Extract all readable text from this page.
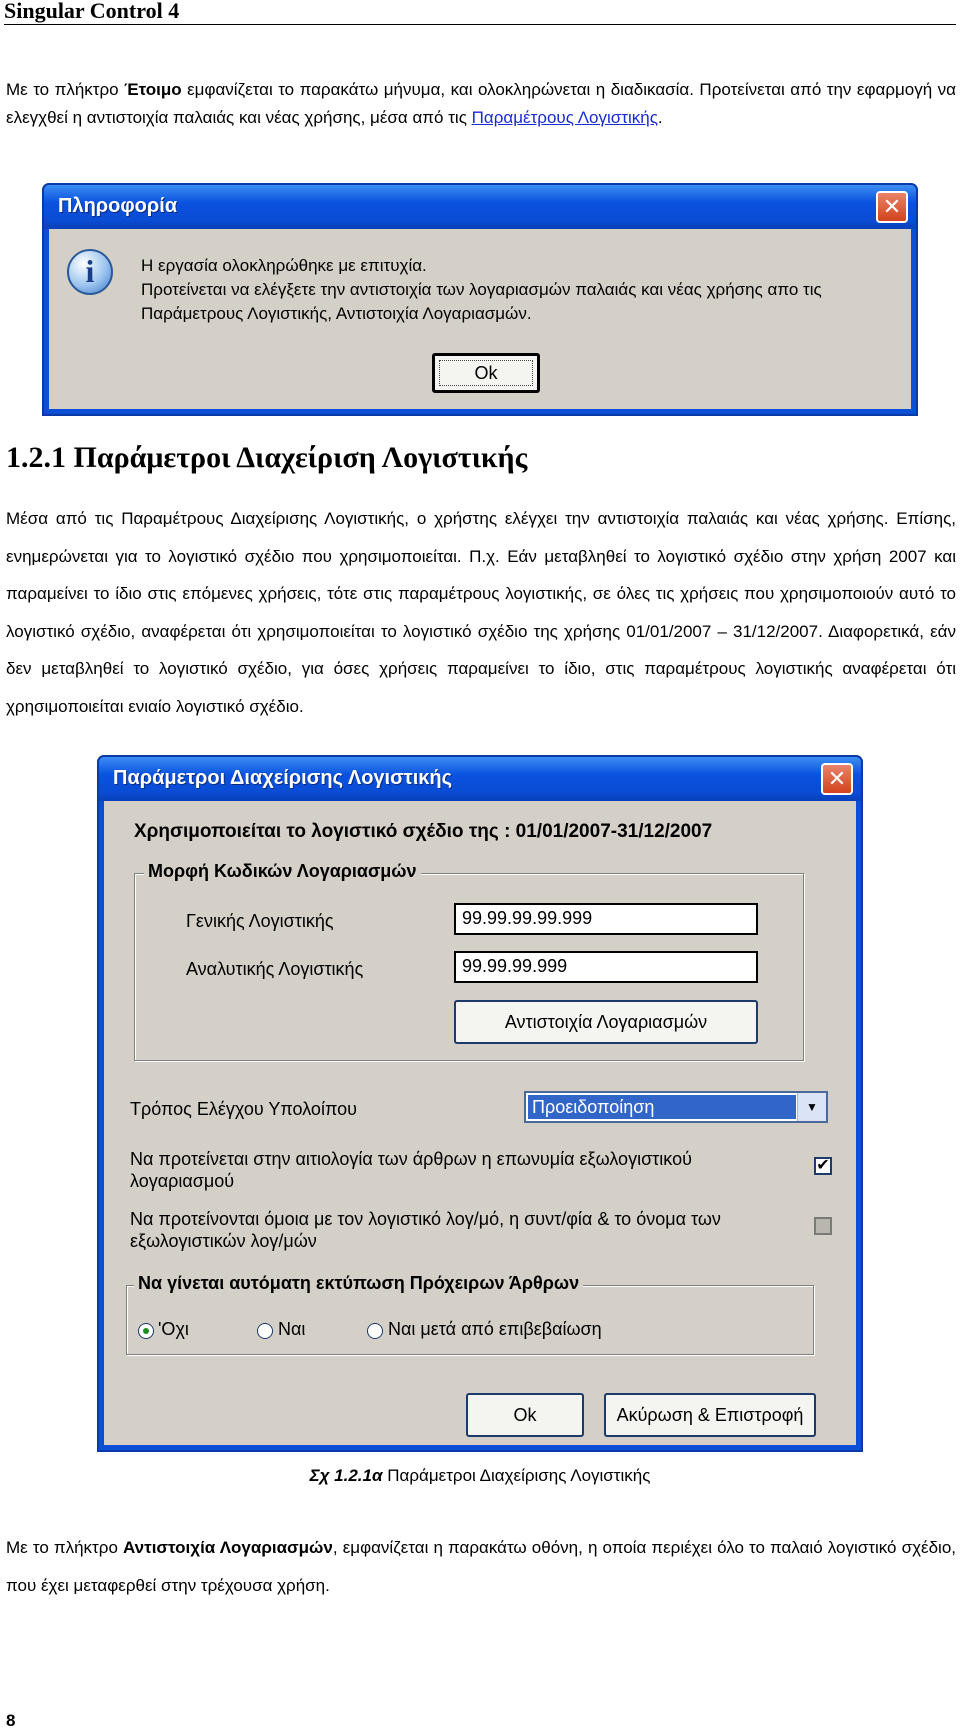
Singular Control 4
Με το πλήκτρο Έτοιμο εμφανίζεται το παρακάτω μήνυμα, και ολοκληρώνεται η διαδικασία. Προτείνεται από την εφαρμογή να ελεγχθεί η αντιστοιχία παλαιάς και νέας χρήσης, μέσα από τις Παραμέτρους Λογιστικής.
Πληροφορία	✕
i	Η εργασία ολοκληρώθηκε με επιτυχία.
Προτείνεται να ελέγξετε την αντιστοιχία των λογαριασμών παλαιάς και νέας χρήσης απο τις
Παράμετρους Λογιστικής, Αντιστοιχία Λογαριασμών.
Ok
1.2.1 Παράμετροι Διαχείριση Λογιστικής
Μέσα από τις Παραμέτρους Διαχείρισης Λογιστικής, ο χρήστης ελέγχει την αντιστοιχία παλαιάς και νέας χρήσης. Επίσης, ενημερώνεται για το λογιστικό σχέδιο που χρησιμοποιείται. Π.χ. Εάν μεταβληθεί το λογιστικό σχέδιο στην χρήση 2007 και παραμείνει το ίδιο στις επόμενες χρήσεις, τότε στις παραμέτρους λογιστικής, σε όλες τις χρήσεις που χρησιμοποιούν αυτό το λογιστικό σχέδιο, αναφέρεται ότι χρησιμοποιείται το λογιστικό σχέδιο της χρήσης 01/01/2007 – 31/12/2007. Διαφορετικά, εάν δεν μεταβληθεί το λογιστικό σχέδιο, για όσες χρήσεις παραμείνει το ίδιο, στις παραμέτρους λογιστικής αναφέρεται ότι χρησιμοποιείται ενιαίο λογιστικό σχέδιο.
Παράμετροι Διαχείρισης Λογιστικής	✕
Χρησιμοποιείται το λογιστικό σχέδιο της : 01/01/2007-31/12/2007
Μορφή Κωδικών Λογαριασμών
Γενικής Λογιστικής	99.99.99.99.999
Αναλυτικής Λογιστικής	99.99.99.999
Αντιστοιχία Λογαριασμών
Τρόπος Ελέγχου Υπολοίπου	Προειδοποίηση	▼
Να προτείνεται στην αιτιολογία των άρθρων η επωνυμία εξωλογιστικού
λογαριασμού
✔
Να προτείνονται όμοια με τον λογιστικό λογ/μό, η συντ/φία & το όνομα των
εξωλογιστικών λογ/μών
Να γίνεται αυτόματη εκτύπωση Πρόχειρων Άρθρων
'Οχι	Ναι	Ναι μετά από επιβεβαίωση
Ok	Ακύρωση & Επιστροφή
Σχ 1.2.1α Παράμετροι Διαχείρισης Λογιστικής
Με το πλήκτρο Αντιστοιχία Λογαριασμών, εμφανίζεται η παρακάτω οθόνη, η οποία περιέχει όλο το παλαιό λογιστικό σχέδιο, που έχει μεταφερθεί στην τρέχουσα χρήση.
8
